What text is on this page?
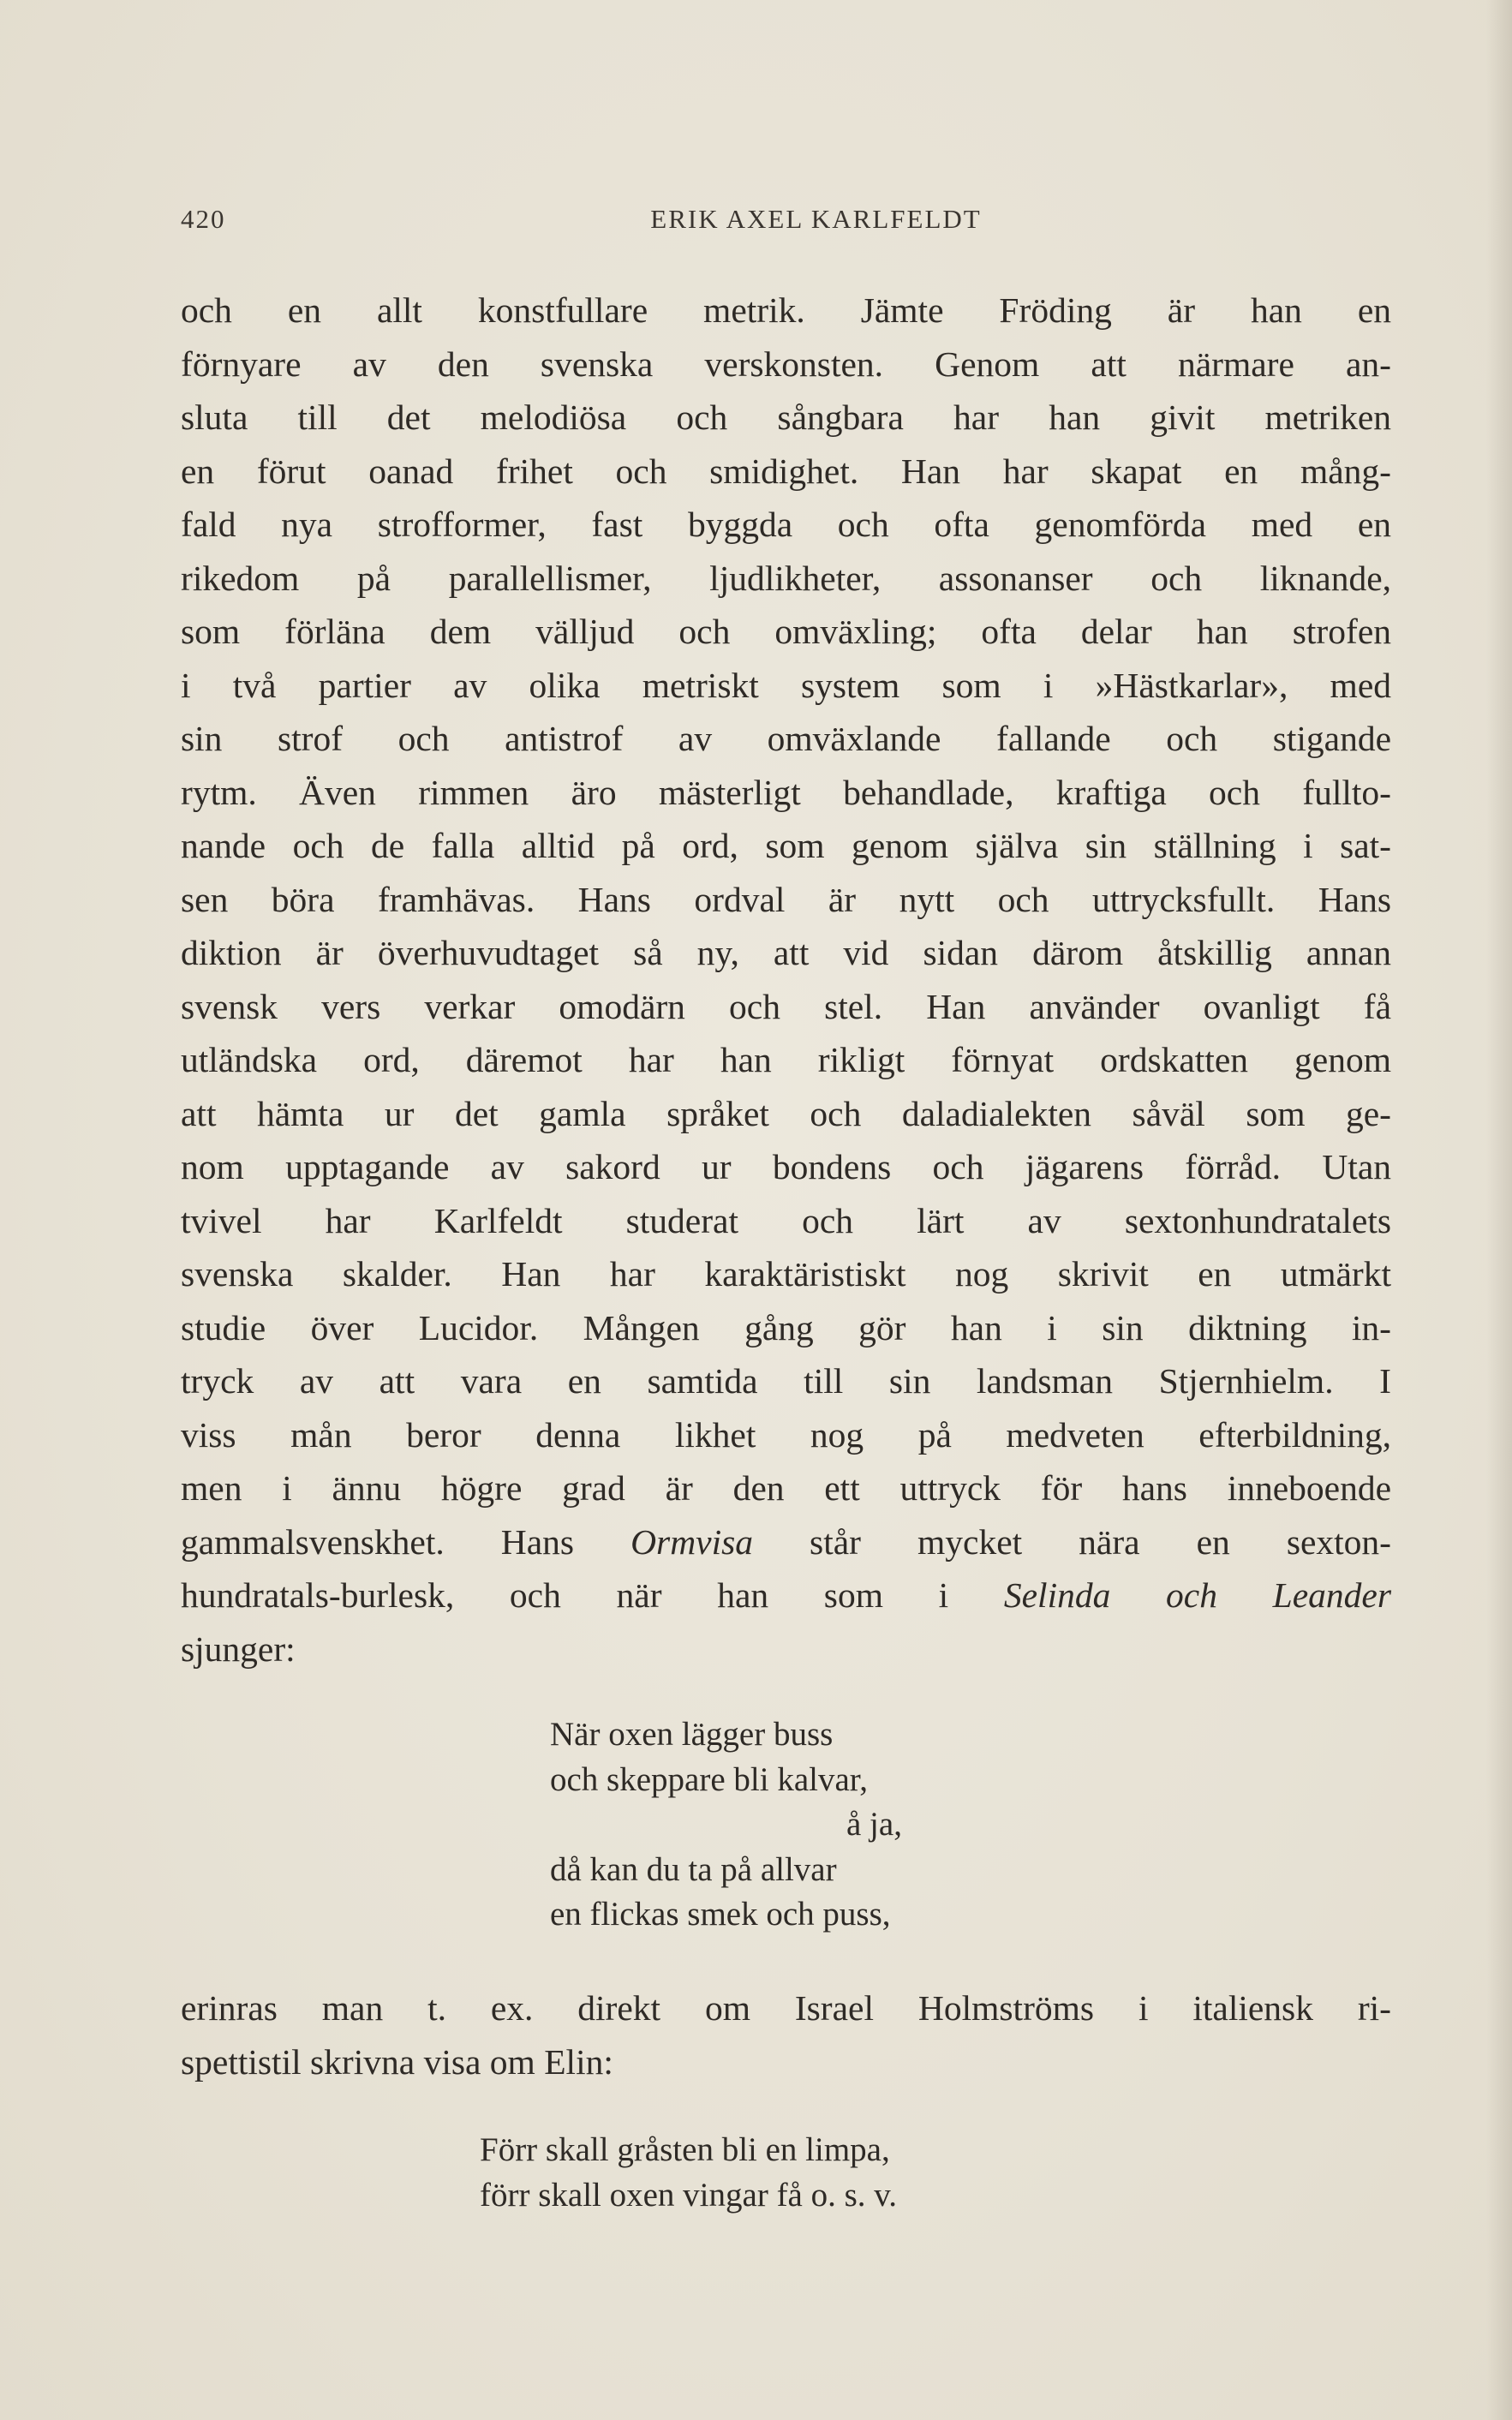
420	ERIK AXEL KARLFELDT
och en allt konstfullare metrik. Jämte Fröding är han en
förnyare av den svenska verskonsten. Genom att närmare an-
sluta till det melodiösa och sångbara har han givit metriken
en förut oanad frihet och smidighet. Han har skapat en mång-
fald nya strofformer, fast byggda och ofta genomförda med en
rikedom på parallellismer, ljudlikheter, assonanser och liknande,
som förläna dem välljud och omväxling; ofta delar han strofen
i två partier av olika metriskt system som i »Hästkarlar», med
sin strof och antistrof av omväxlande fallande och stigande
rytm. Även rimmen äro mästerligt behandlade, kraftiga och fullto-
nande och de falla alltid på ord, som genom själva sin ställning i sat-
sen böra framhävas. Hans ordval är nytt och uttrycksfullt. Hans
diktion är överhuvudtaget så ny, att vid sidan därom åtskillig annan
svensk vers verkar omodärn och stel. Han använder ovanligt få
utländska ord, däremot har han rikligt förnyat ordskatten genom
att hämta ur det gamla språket och daladialekten såväl som ge-
nom upptagande av sakord ur bondens och jägarens förråd. Utan
tvivel har Karlfeldt studerat och lärt av sextonhundratalets
svenska skalder. Han har karaktäristiskt nog skrivit en utmärkt
studie över Lucidor. Mången gång gör han i sin diktning in-
tryck av att vara en samtida till sin landsman Stjernhielm. I
viss mån beror denna likhet nog på medveten efterbildning,
men i ännu högre grad är den ett uttryck för hans inneboende
gammalsvenskhet. Hans Ormvisa står mycket nära en sexton-
hundratals-burlesk, och när han som i Selinda och Leander
sjunger:
När oxen lägger buss
och skeppare bli kalvar,
å ja,
då kan du ta på allvar
en flickas smek och puss,
erinras man t. ex. direkt om Israel Holmströms i italiensk ri-
spettistil skrivna visa om Elin:
Förr skall gråsten bli en limpa,
förr skall oxen vingar få o. s. v.
